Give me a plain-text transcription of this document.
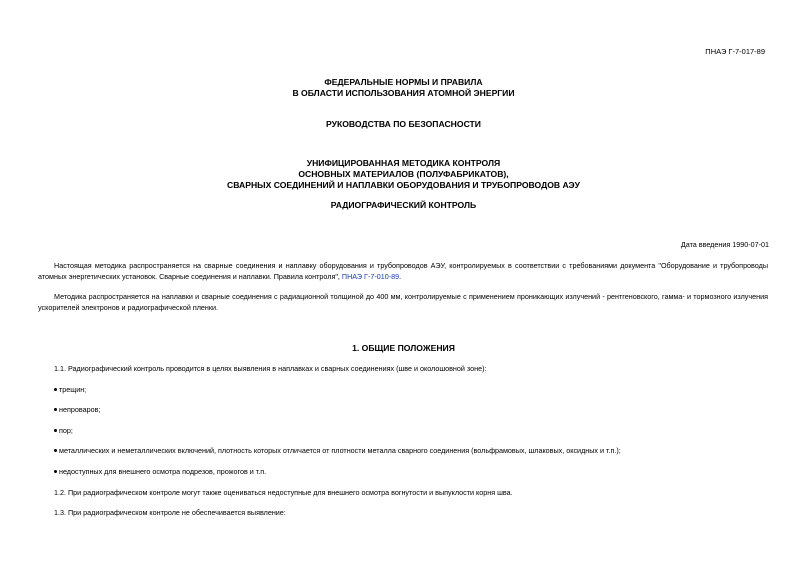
ПНАЭ Г-7-017-89
ФЕДЕРАЛЬНЫЕ НОРМЫ И ПРАВИЛА
В ОБЛАСТИ ИСПОЛЬЗОВАНИЯ АТОМНОЙ ЭНЕРГИИ
РУКОВОДСТВА ПО БЕЗОПАСНОСТИ
УНИФИЦИРОВАННАЯ МЕТОДИКА КОНТРОЛЯ
ОСНОВНЫХ МАТЕРИАЛОВ (ПОЛУФАБРИКАТОВ),
СВАРНЫХ СОЕДИНЕНИЙ И НАПЛАВКИ ОБОРУДОВАНИЯ И ТРУБОПРОВОДОВ АЭУ
РАДИОГРАФИЧЕСКИЙ КОНТРОЛЬ
Дата введения 1990-07-01
Настоящая методика распространяется на сварные соединения и наплавку оборудования и трубопроводов АЭУ, контролируемых в соответствии с требованиями документа "Оборудование и трубопроводы атомных энергетических установок. Сварные соединения и наплавки. Правила контроля", ПНАЭ Г-7-010-89.
Методика распространяется на наплавки и сварные соединения с радиационной толщиной до 400 мм, контролируемые с применением проникающих излучений - рентгеновского, гамма- и тормозного излучения ускорителей электронов и радиографической пленки.
1. ОБЩИЕ ПОЛОЖЕНИЯ
1.1. Радиографический контроль проводится в целях выявления в наплавках и сварных соединениях (шве и околошовной зоне):
трещин;
непроваров;
пор;
металлических и неметаллических включений, плотность которых отличается от плотности металла сварного соединения (вольфрамовых, шлаковых, оксидных и т.п.);
недоступных для внешнего осмотра подрезов, прожогов и т.п.
1.2. При радиографическом контроле могут также оцениваться недоступные для внешнего осмотра вогнутости и выпуклости корня шва.
1.3. При радиографическом контроле не обеспечивается выявление:
